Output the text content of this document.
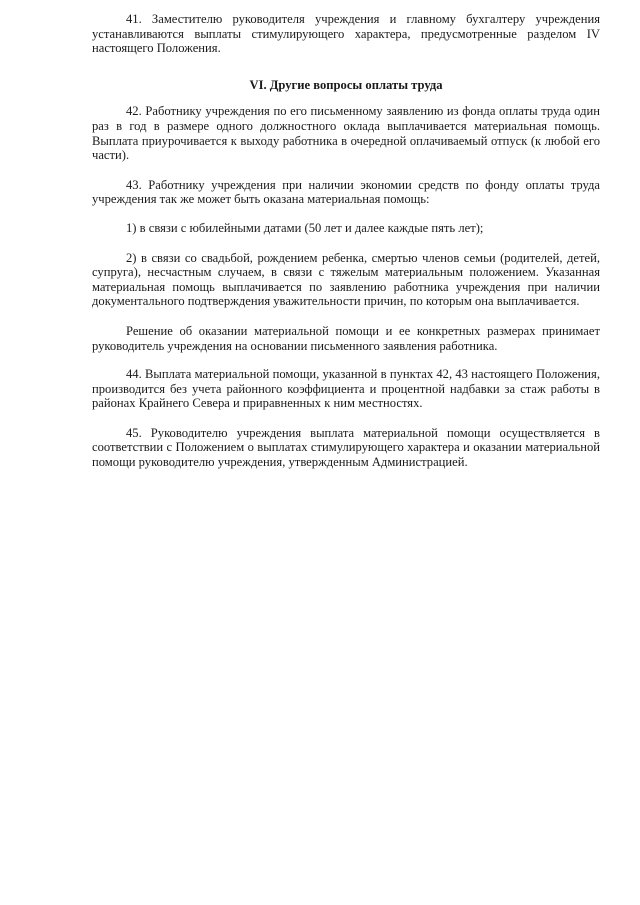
41. Заместителю руководителя учреждения и главному бухгалтеру учреждения устанавливаются выплаты стимулирующего характера, предусмотренные разделом IV настоящего Положения.

VI. Другие вопросы оплаты труда

42. Работнику учреждения по его письменному заявлению из фонда оплаты труда один раз в год в размере одного должностного оклада выплачивается материальная помощь. Выплата приурочивается к выходу работника в очередной оплачиваемый отпуск (к любой его части).

43. Работнику учреждения при наличии экономии средств по фонду оплаты труда учреждения так же может быть оказана материальная помощь:

1) в связи с юбилейными датами (50 лет и далее каждые пять лет);

2) в связи со свадьбой, рождением ребенка, смертью членов семьи (родителей, детей, супруга), несчастным случаем, в связи с тяжелым материальным положением. Указанная материальная помощь выплачивается по заявлению работника учреждения при наличии документального подтверждения уважительности причин, по которым она выплачивается.

Решение об оказании материальной помощи и ее конкретных размерах принимает руководитель учреждения на основании письменного заявления работника.

44. Выплата материальной помощи, указанной в пунктах 42, 43 настоящего Положения, производится без учета районного коэффициента и процентной надбавки за стаж работы в районах Крайнего Севера и приравненных к ним местностях.

45. Руководителю учреждения выплата материальной помощи осуществляется в соответствии с Положением о выплатах стимулирующего характера и оказании материальной помощи руководителю учреждения, утвержденным Администрацией.
